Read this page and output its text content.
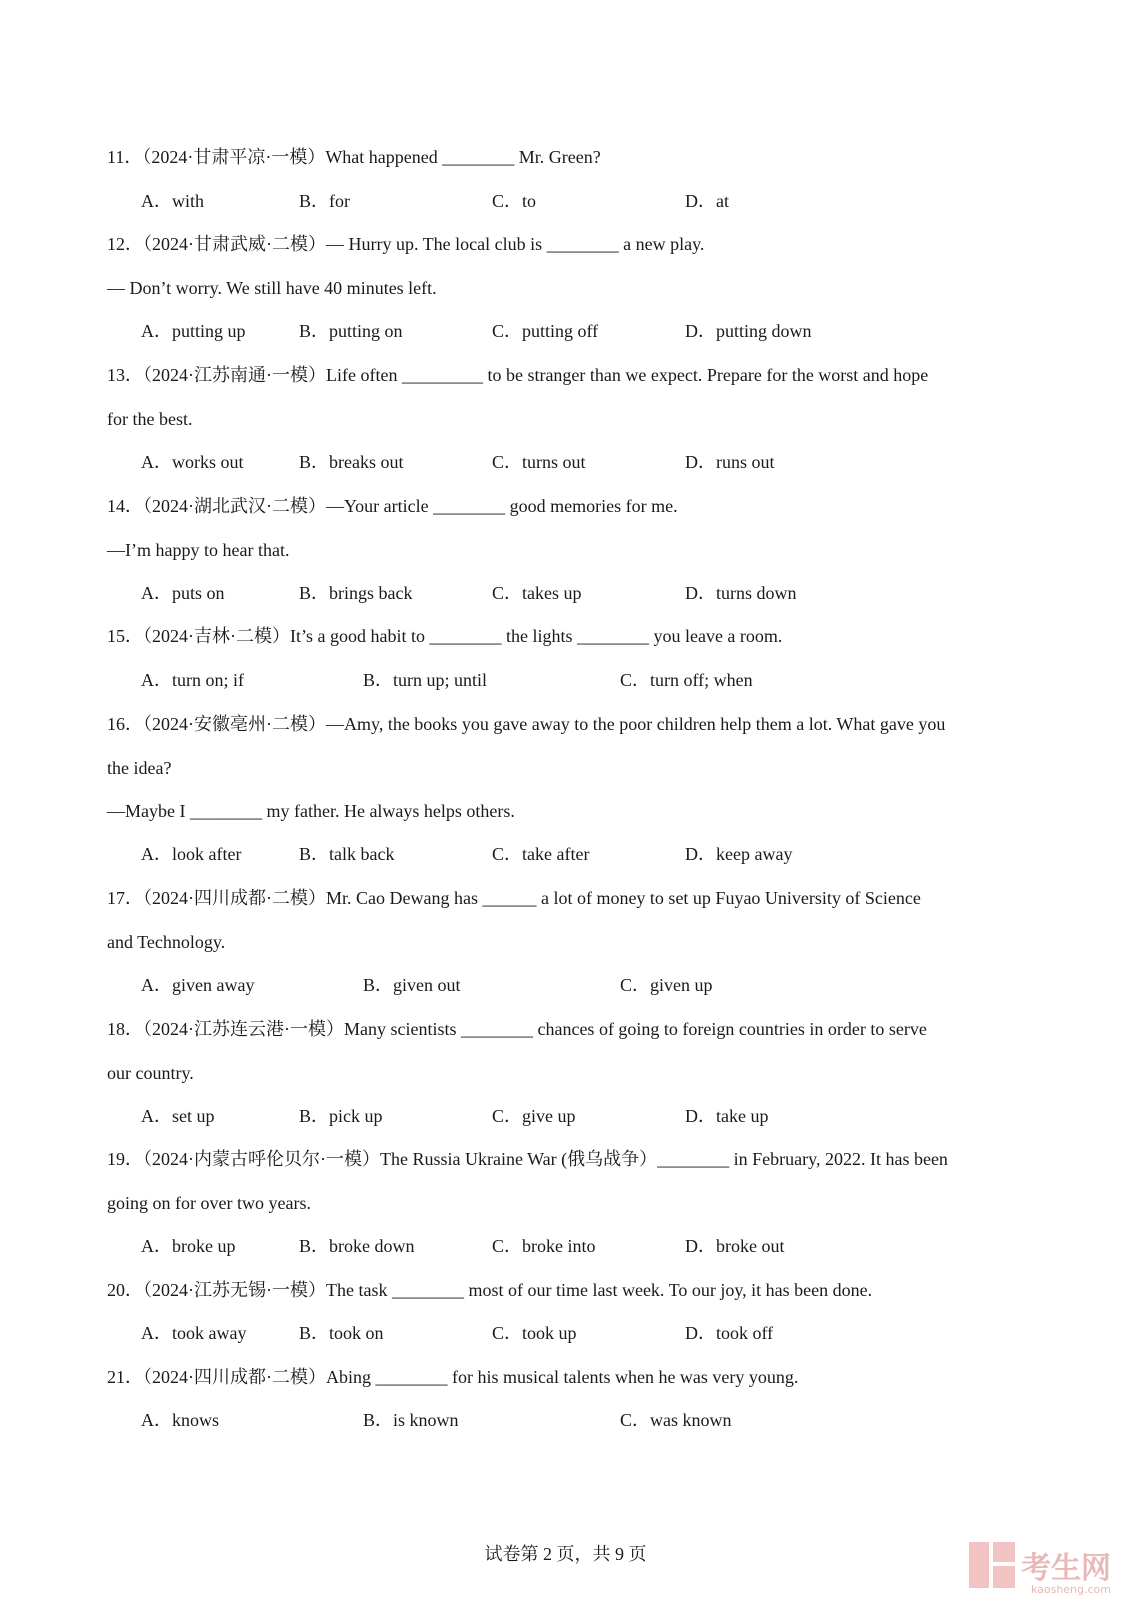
11．（2024·甘肃平凉·一模）What happened ________ Mr. Green?
A．with	B．for	C．to	D．at
12．（2024·甘肃武威·二模）— Hurry up. The local club is ________ a new play.
— Don’t worry. We still have 40 minutes left.
A．putting up	B．putting on	C．putting off	D．putting down
13．（2024·江苏南通·一模）Life often _________ to be stranger than we expect. Prepare for the worst and hope
for the best.
A．works out	B．breaks out	C．turns out	D．runs out
14．（2024·湖北武汉·二模）—Your article ________ good memories for me.
—I’m happy to hear that.
A．puts on	B．brings back	C．takes up	D．turns down
15．（2024·吉林·二模）It’s a good habit to ________ the lights ________ you leave a room.
A．turn on; if	B．turn up; until	C．turn off; when
16．（2024·安徽亳州·二模）—Amy, the books you gave away to the poor children help them a lot. What gave you
the idea?
—Maybe I ________ my father. He always helps others.
A．look after	B．talk back	C．take after	D．keep away
17．（2024·四川成都·二模）Mr. Cao Dewang has ______ a lot of money to set up Fuyao University of Science
and Technology.
A．given away	B．given out	C．given up
18．（2024·江苏连云港·一模）Many scientists ________ chances of going to foreign countries in order to serve
our country.
A．set up	B．pick up	C．give up	D．take up
19．（2024·内蒙古呼伦贝尔·一模）The Russia Ukraine War (俄乌战争）________ in February, 2022. It has been
going on for over two years.
A．broke up	B．broke down	C．broke into	D．broke out
20．（2024·江苏无锡·一模）The task ________ most of our time last week. To our joy, it has been done.
A．took away	B．took on	C．took up	D．took off
21．（2024·四川成都·二模）Abing ________ for his musical talents when he was very young.
A．knows	B．is known	C．was known
试卷第 2 页，共 9 页	考生网
kaosheng.com
